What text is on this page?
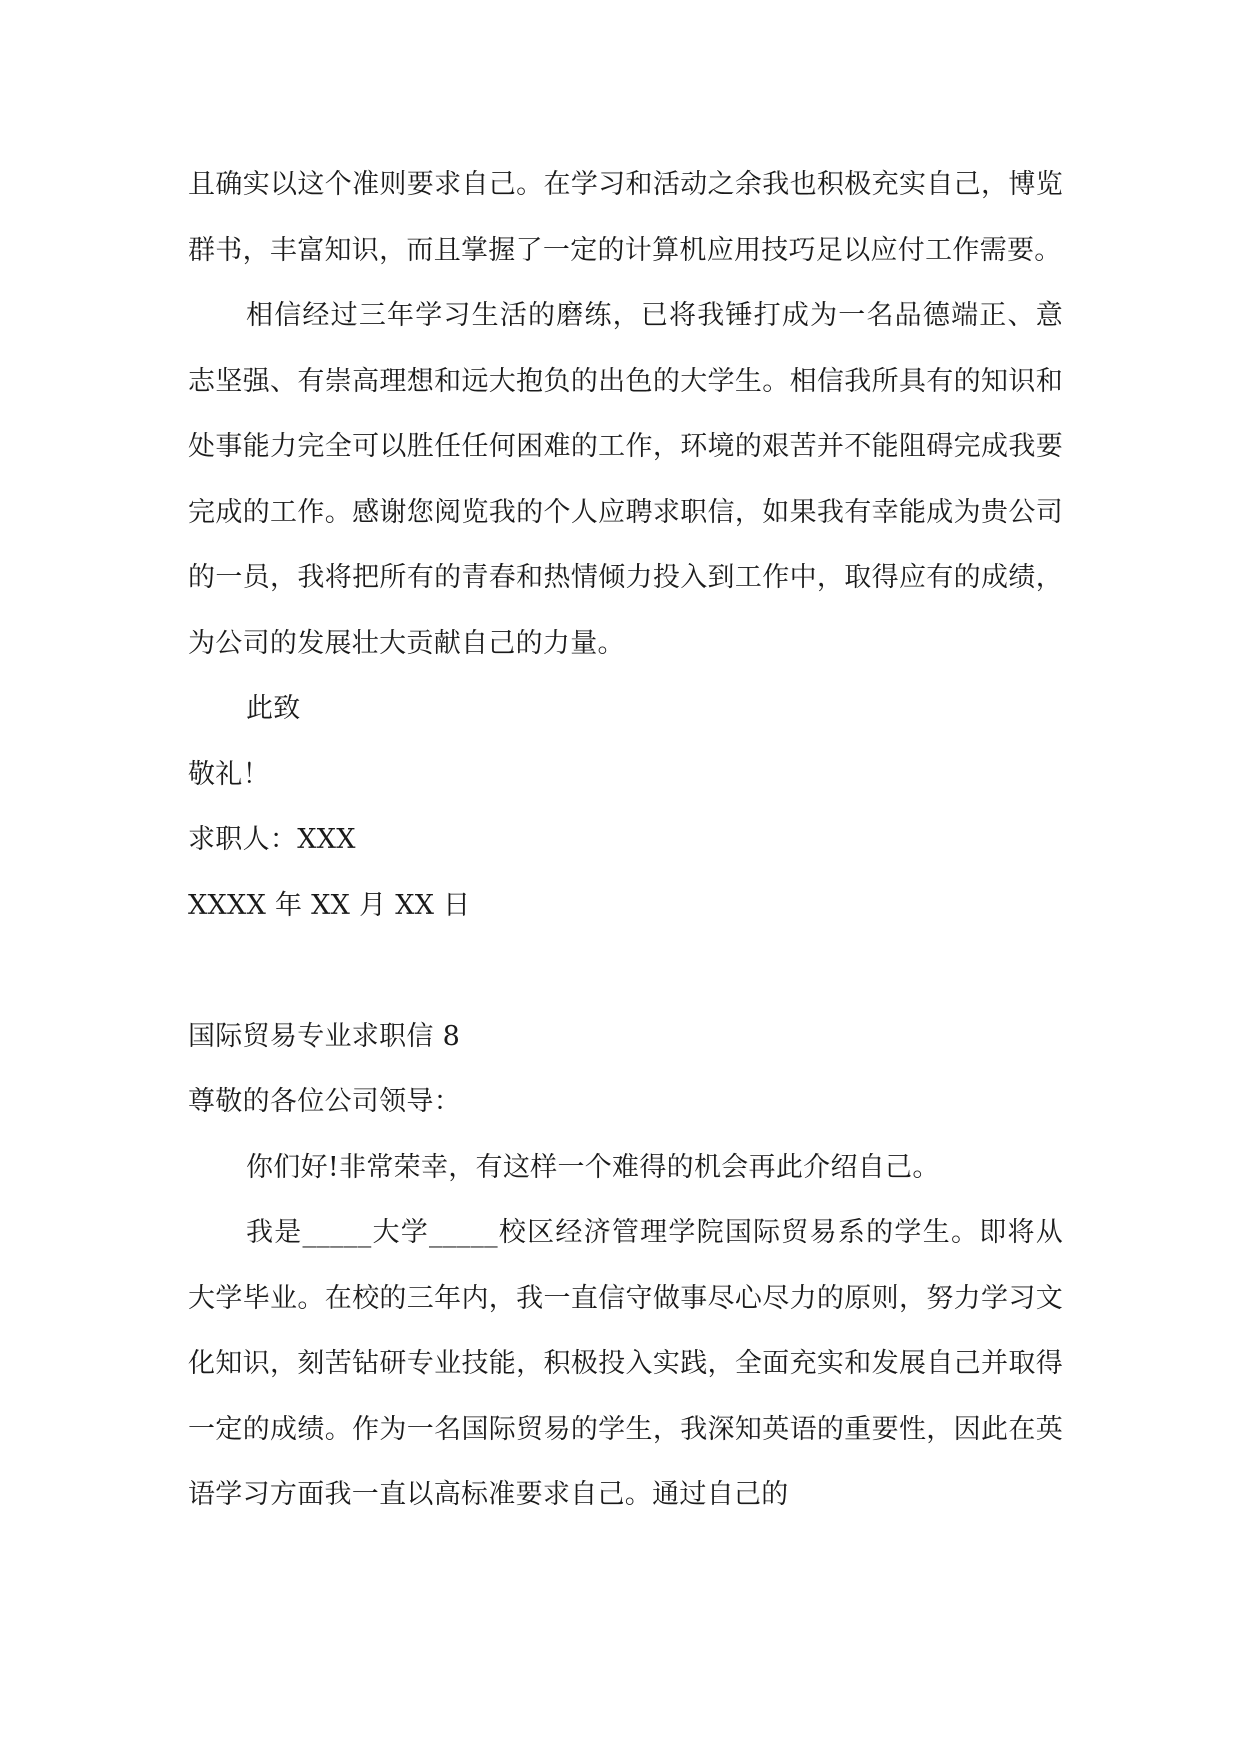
且确实以这个准则要求自己。在学习和活动之余我也积极充实自己，博览群书，丰富知识，而且掌握了一定的计算机应用技巧足以应付工作需要。

相信经过三年学习生活的磨练，已将我锤打成为一名品德端正、意志坚强、有崇高理想和远大抱负的出色的大学生。相信我所具有的知识和处事能力完全可以胜任任何困难的工作，环境的艰苦并不能阻碍完成我要完成的工作。感谢您阅览我的个人应聘求职信，如果我有幸能成为贵公司的一员，我将把所有的青春和热情倾力投入到工作中，取得应有的成绩，为公司的发展壮大贡献自己的力量。

此致

敬礼！

求职人：XXX

XXXX 年 XX 月 XX 日

国际贸易专业求职信 8

尊敬的各位公司领导：

你们好!非常荣幸，有这样一个难得的机会再此介绍自己。

我是_____大学_____校区经济管理学院国际贸易系的学生。即将从大学毕业。在校的三年内，我一直信守做事尽心尽力的原则，努力学习文化知识，刻苦钻研专业技能，积极投入实践，全面充实和发展自己并取得一定的成绩。作为一名国际贸易的学生，我深知英语的重要性，因此在英语学习方面我一直以高标准要求自己。通过自己的
